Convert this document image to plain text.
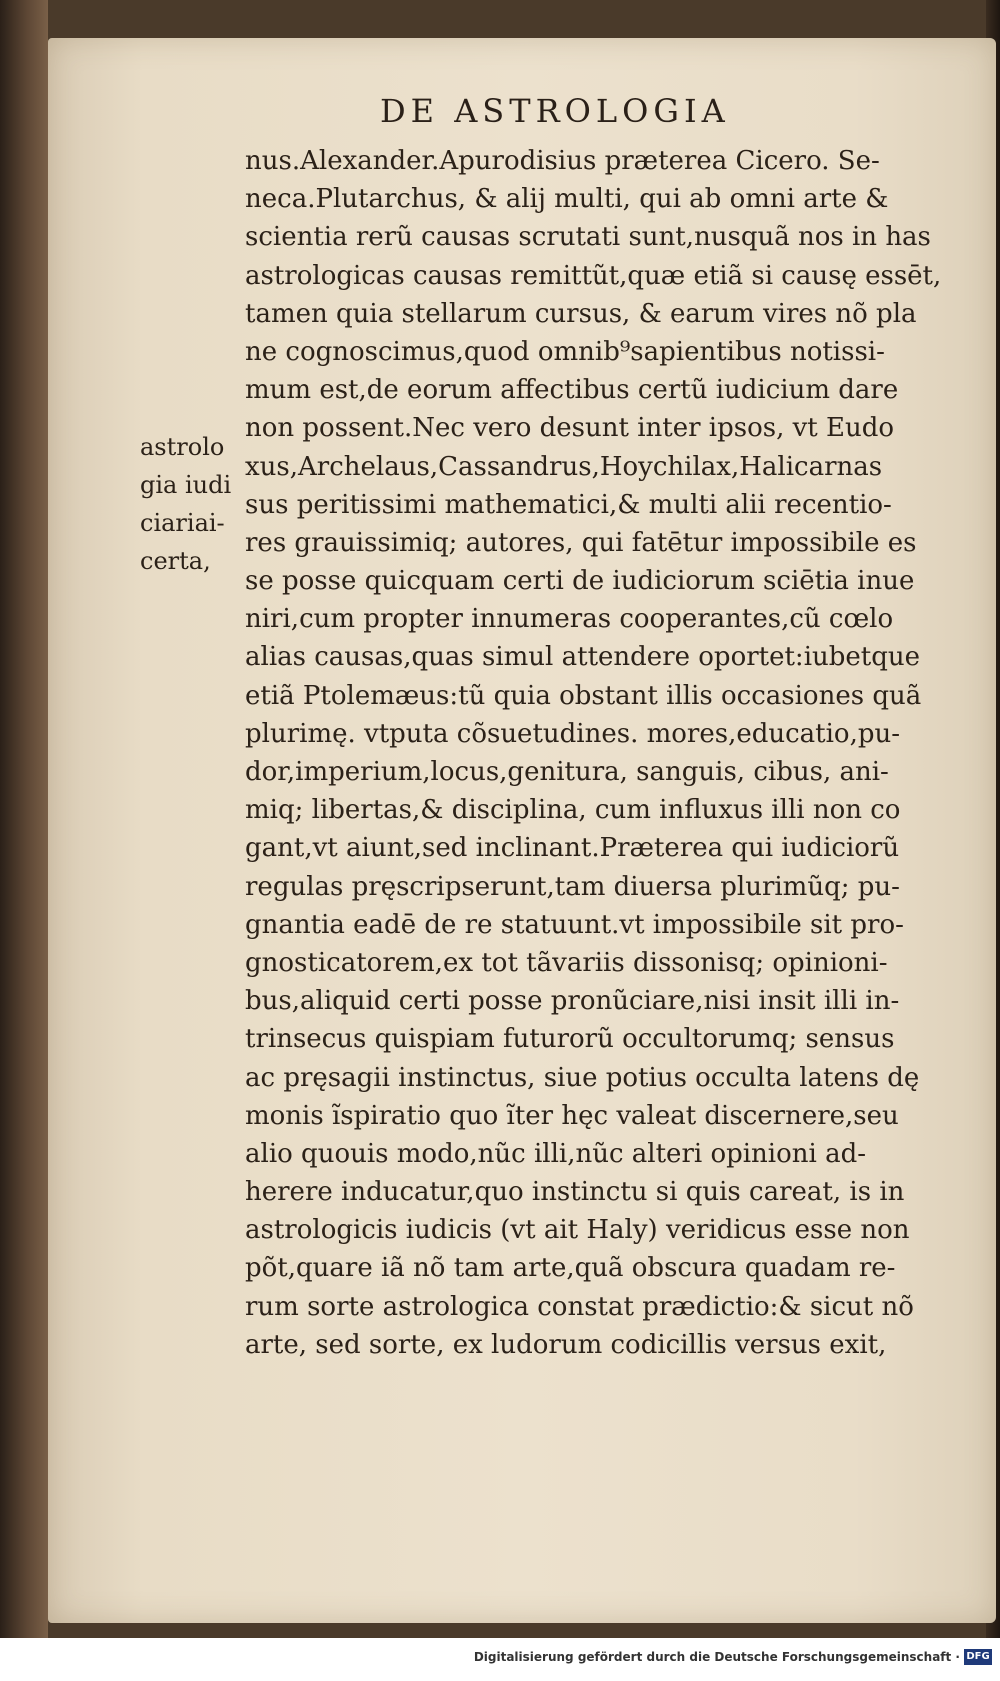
DE ASTROLOGIA
astrolo
gia iudi
ciariai-
certa,
nus.Alexander.Apurodisius præterea Cicero. Se-
neca.Plutarchus, & alij multi, qui ab omni arte &
scientia rerũ causas scrutati sunt,nusquã nos in has
astrologicas causas remittũt,quæ etiã si causę essēt,
tamen quia stellarum cursus, & earum vires nõ pla
ne cognoscimus,quod omnib⁹sapientibus notissi-
mum est,de eorum affectibus certũ iudicium dare
non possent.Nec vero desunt inter ipsos, vt Eudo
xus,Archelaus,Cassandrus,Hoychilax,Halicarnas
sus peritissimi mathematici,& multi alii recentio-
res grauissimiq; autores, qui fatētur impossibile es
se posse quicquam certi de iudiciorum sciētia inue
niri,cum propter innumeras cooperantes,cũ cœlo
alias causas,quas simul attendere oportet:iubetque
etiã Ptolemæus:tũ quia obstant illis occasiones quã
plurimę. vtputa cõsuetudines. mores,educatio,pu-
dor,imperium,locus,genitura, sanguis, cibus, ani-
miq; libertas,& disciplina, cum influxus illi non co
gant,vt aiunt,sed inclinant.Præterea qui iudiciorũ
regulas pręscripserunt,tam diuersa plurimũq; pu-
gnantia eadē de re statuunt.vt impossibile sit pro-
gnosticatorem,ex tot tãvariis dissonisq; opinioni-
bus,aliquid certi posse pronũciare,nisi insit illi in-
trinsecus quispiam futurorũ occultorumq; sensus
ac pręsagii instinctus, siue potius occulta latens dę
monis ĩspiratio quo ĩter hęc valeat discernere,seu
alio quouis modo,nũc illi,nũc alteri opinioni ad-
herere inducatur,quo instinctu si quis careat, is in
astrologicis iudicis (vt ait Haly) veridicus esse non
põt,quare iã nõ tam arte,quã obscura quadam re-
rum sorte astrologica constat prædictio:& sicut nõ
arte, sed sorte, ex ludorum codicillis versus exit,
Digitalisierung gefördert durch die Deutsche Forschungsgemeinschaft · DFG
